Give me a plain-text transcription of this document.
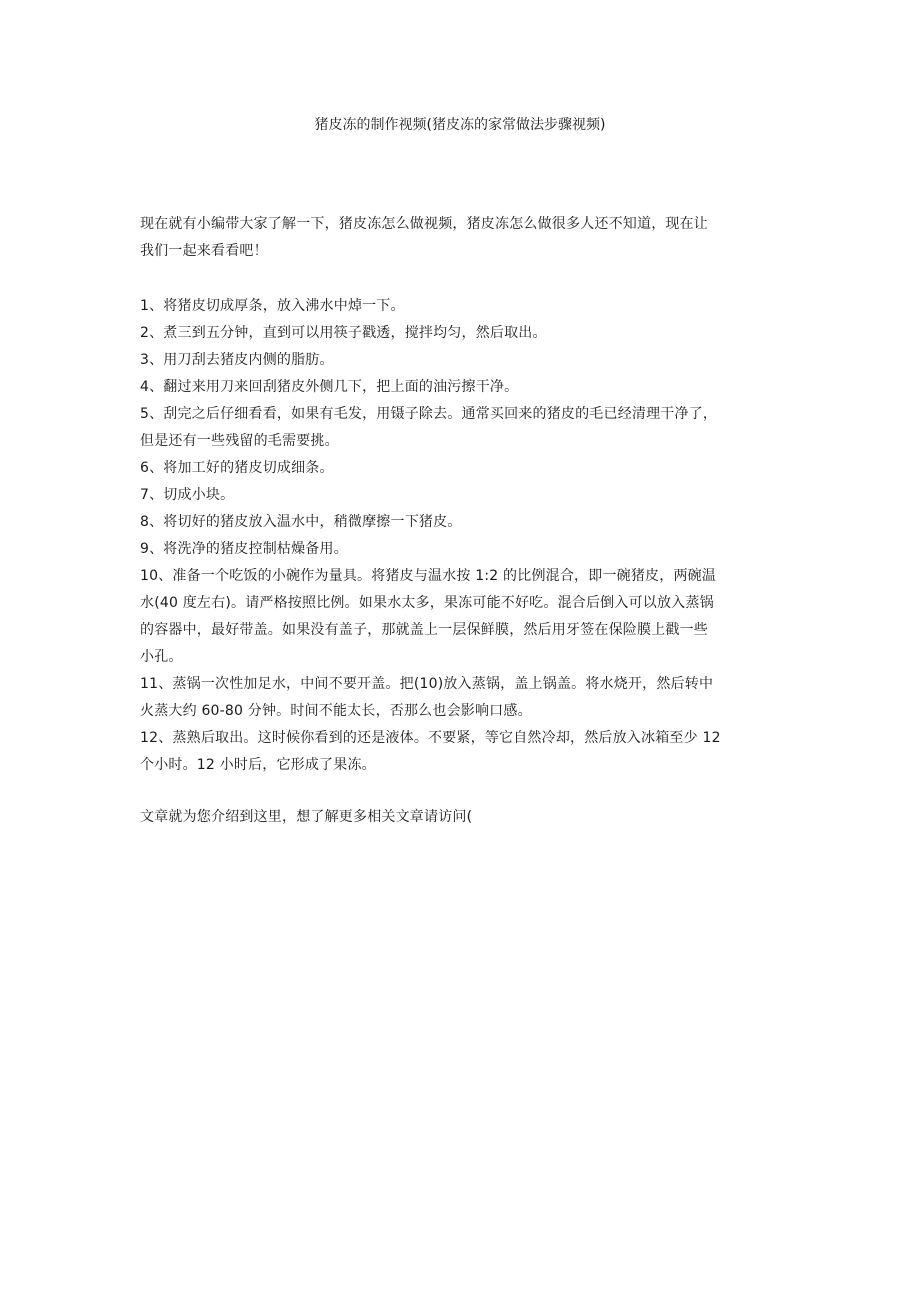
猪皮冻的制作视频(猪皮冻的家常做法步骤视频)

现在就有小编带大家了解一下，猪皮冻怎么做视频，猪皮冻怎么做很多人还不知道，现在让
我们一起来看看吧！

1、将猪皮切成厚条，放入沸水中焯一下。

2、煮三到五分钟，直到可以用筷子戳透，搅拌均匀，然后取出。

3、用刀刮去猪皮内侧的脂肪。

4、翻过来用刀来回刮猪皮外侧几下，把上面的油污擦干净。

5、刮完之后仔细看看，如果有毛发，用镊子除去。通常买回来的猪皮的毛已经清理干净了，
但是还有一些残留的毛需要挑。

6、将加工好的猪皮切成细条。

7、切成小块。

8、将切好的猪皮放入温水中，稍微摩擦一下猪皮。

9、将洗净的猪皮控制枯燥备用。

10、准备一个吃饭的小碗作为量具。将猪皮与温水按 1:2 的比例混合，即一碗猪皮，两碗温
水(40 度左右)。请严格按照比例。如果水太多，果冻可能不好吃。混合后倒入可以放入蒸锅
的容器中，最好带盖。如果没有盖子，那就盖上一层保鲜膜，然后用牙签在保险膜上戳一些
小孔。

11、蒸锅一次性加足水，中间不要开盖。把(10)放入蒸锅，盖上锅盖。将水烧开，然后转中
火蒸大约 60-80 分钟。时间不能太长，否那么也会影响口感。

12、蒸熟后取出。这时候你看到的还是液体。不要紧，等它自然冷却，然后放入冰箱至少 12
个小时。12 小时后，它形成了果冻。

文章就为您介绍到这里，想了解更多相关文章请访问(
